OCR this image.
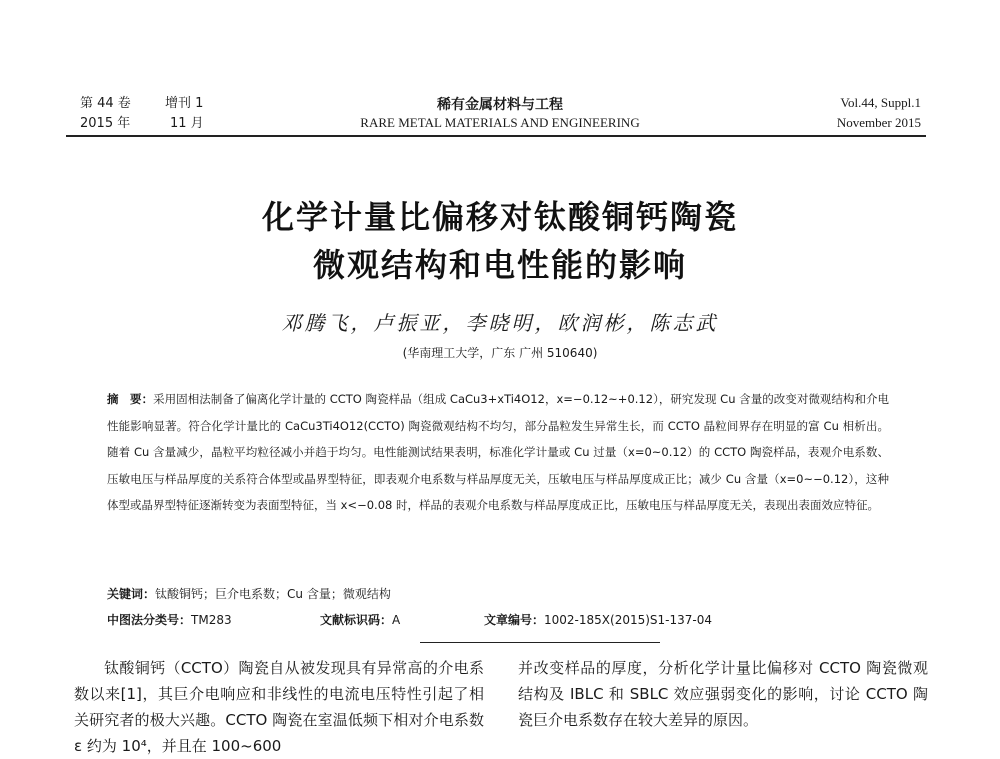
第 44 卷
2015 年
增刊 1
11 月
稀有金属材料与工程
RARE METAL MATERIALS AND ENGINEERING
Vol.44, Suppl.1
November 2015
化学计量比偏移对钛酸铜钙陶瓷
微观结构和电性能的影响
邓腾飞，卢振亚，李晓明，欧润彬，陈志武
(华南理工大学，广东 广州 510640)
摘　要：采用固相法制备了偏离化学计量的 CCTO 陶瓷样品（组成 CaCu3+xTi4O12，x=−0.12~+0.12），研究发现 Cu 含量的改变对微观结构和介电性能影响显著。符合化学计量比的 CaCu3Ti4O12(CCTO) 陶瓷微观结构不均匀，部分晶粒发生异常生长，而 CCTO 晶粒间界存在明显的富 Cu 相析出。随着 Cu 含量减少，晶粒平均粒径减小并趋于均匀。电性能测试结果表明，标准化学计量或 Cu 过量（x=0~0.12）的 CCTO 陶瓷样品，表观介电系数、压敏电压与样品厚度的关系符合体型或晶界型特征，即表观介电系数与样品厚度无关，压敏电压与样品厚度成正比；减少 Cu 含量（x=0~−0.12），这种体型或晶界型特征逐渐转变为表面型特征，当 x<−0.08 时，样品的表观介电系数与样品厚度成正比，压敏电压与样品厚度无关，表现出表面效应特征。
关键词：钛酸铜钙；巨介电系数；Cu 含量；微观结构
中图法分类号：TM283	文献标识码：A	文章编号：1002-185X(2015)S1-137-04
钛酸铜钙（CCTO）陶瓷自从被发现具有异常高的介电系数以来[1]，其巨介电响应和非线性的电流电压特性引起了相关研究者的极大兴趣。CCTO 陶瓷在室温低频下相对介电系数 ε 约为 10⁴，并且在 100~600
并改变样品的厚度，分析化学计量比偏移对 CCTO 陶瓷微观结构及 IBLC 和 SBLC 效应强弱变化的影响，讨论 CCTO 陶瓷巨介电系数存在较大差异的原因。
